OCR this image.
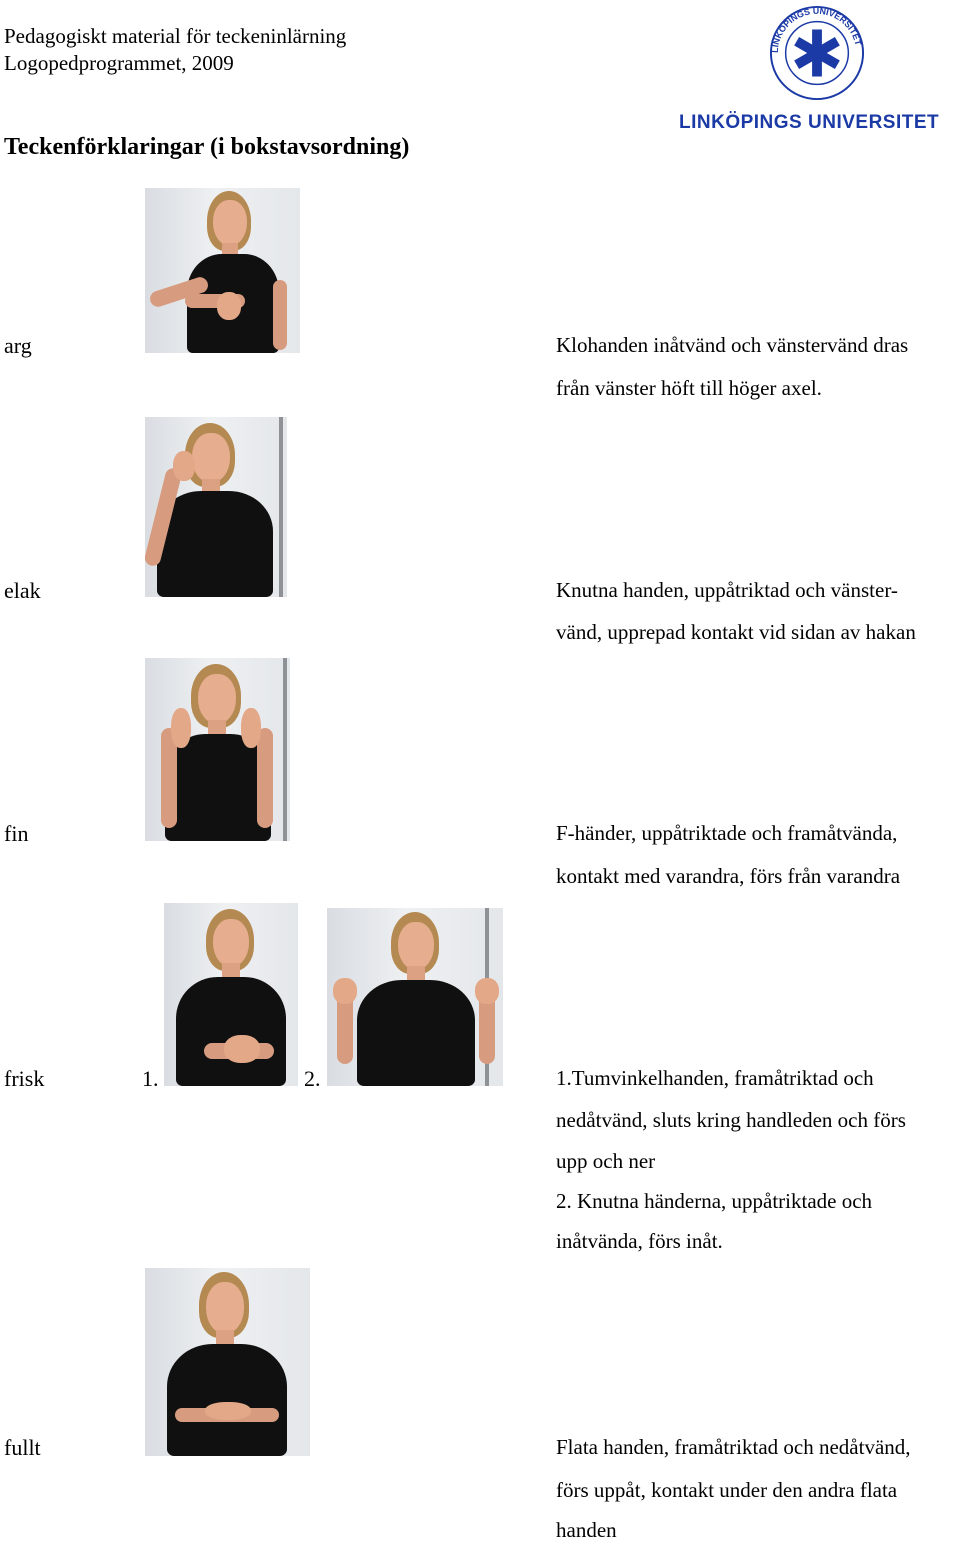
Pedagogiskt material för teckeninlärning
Logopedprogrammet, 2009
Teckenförklaringar (i bokstavsordning)
LINKÖPINGS UNIVERSITET
LINKÖPINGS UNIVERSITET
arg	Klohanden inåtvänd och vänstervänd dras
från vänster höft till höger axel.
elak	Knutna handen, uppåtriktad och vänster-
vänd, upprepad kontakt vid sidan av hakan
fin	F-händer, uppåtriktade och framåtvända,
kontakt med varandra, förs från varandra
frisk	1.	2.	1.Tumvinkelhanden, framåtriktad och
nedåtvänd, sluts kring handleden och förs
upp och ner
2. Knutna händerna, uppåtriktade och
inåtvända, förs inåt.
fullt	Flata handen, framåtriktad och nedåtvänd,
förs uppåt, kontakt under den andra flata
handen
